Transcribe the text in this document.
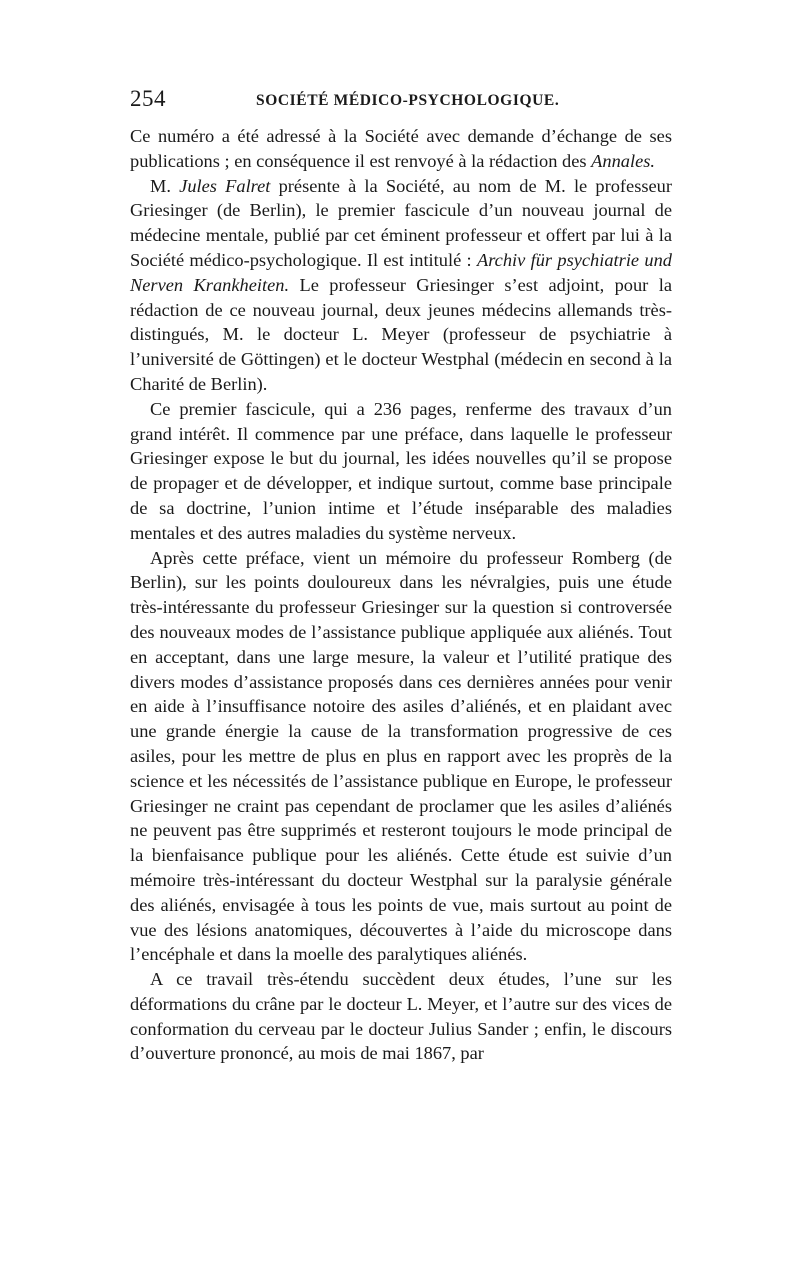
254	SOCIÉTÉ MÉDICO-PSYCHOLOGIQUE.

Ce numéro a été adressé à la Société avec demande d’échange de ses publications ; en conséquence il est renvoyé à la rédaction des Annales.

M. Jules Falret présente à la Société, au nom de M. le professeur Griesinger (de Berlin), le premier fascicule d’un nouveau journal de médecine mentale, publié par cet éminent professeur et offert par lui à la Société médico-psychologique. Il est intitulé : Archiv für psychiatrie und Nerven Krankheiten. Le professeur Griesinger s’est adjoint, pour la rédaction de ce nouveau journal, deux jeunes médecins allemands très-distingués, M. le docteur L. Meyer (professeur de psychiatrie à l’université de Göttingen) et le docteur Westphal (médecin en second à la Charité de Berlin).

Ce premier fascicule, qui a 236 pages, renferme des travaux d’un grand intérêt. Il commence par une préface, dans laquelle le professeur Griesinger expose le but du journal, les idées nouvelles qu’il se propose de propager et de développer, et indique surtout, comme base principale de sa doctrine, l’union intime et l’étude inséparable des maladies mentales et des autres maladies du système nerveux.

Après cette préface, vient un mémoire du professeur Romberg (de Berlin), sur les points douloureux dans les névralgies, puis une étude très-intéressante du professeur Griesinger sur la question si controversée des nouveaux modes de l’assistance publique appliquée aux aliénés. Tout en acceptant, dans une large mesure, la valeur et l’utilité pratique des divers modes d’assistance proposés dans ces dernières années pour venir en aide à l’insuffisance notoire des asiles d’aliénés, et en plaidant avec une grande énergie la cause de la transformation progressive de ces asiles, pour les mettre de plus en plus en rapport avec les proprès de la science et les nécessités de l’assistance publique en Europe, le professeur Griesinger ne craint pas cependant de proclamer que les asiles d’aliénés ne peuvent pas être supprimés et resteront toujours le mode principal de la bienfaisance publique pour les aliénés. Cette étude est suivie d’un mémoire très-intéressant du docteur Westphal sur la paralysie générale des aliénés, envisagée à tous les points de vue, mais surtout au point de vue des lésions anatomiques, découvertes à l’aide du microscope dans l’encéphale et dans la moelle des paralytiques aliénés.

A ce travail très-étendu succèdent deux études, l’une sur les déformations du crâne par le docteur L. Meyer, et l’autre sur des vices de conformation du cerveau par le docteur Julius Sander ; enfin, le discours d’ouverture prononcé, au mois de mai 1867, par
